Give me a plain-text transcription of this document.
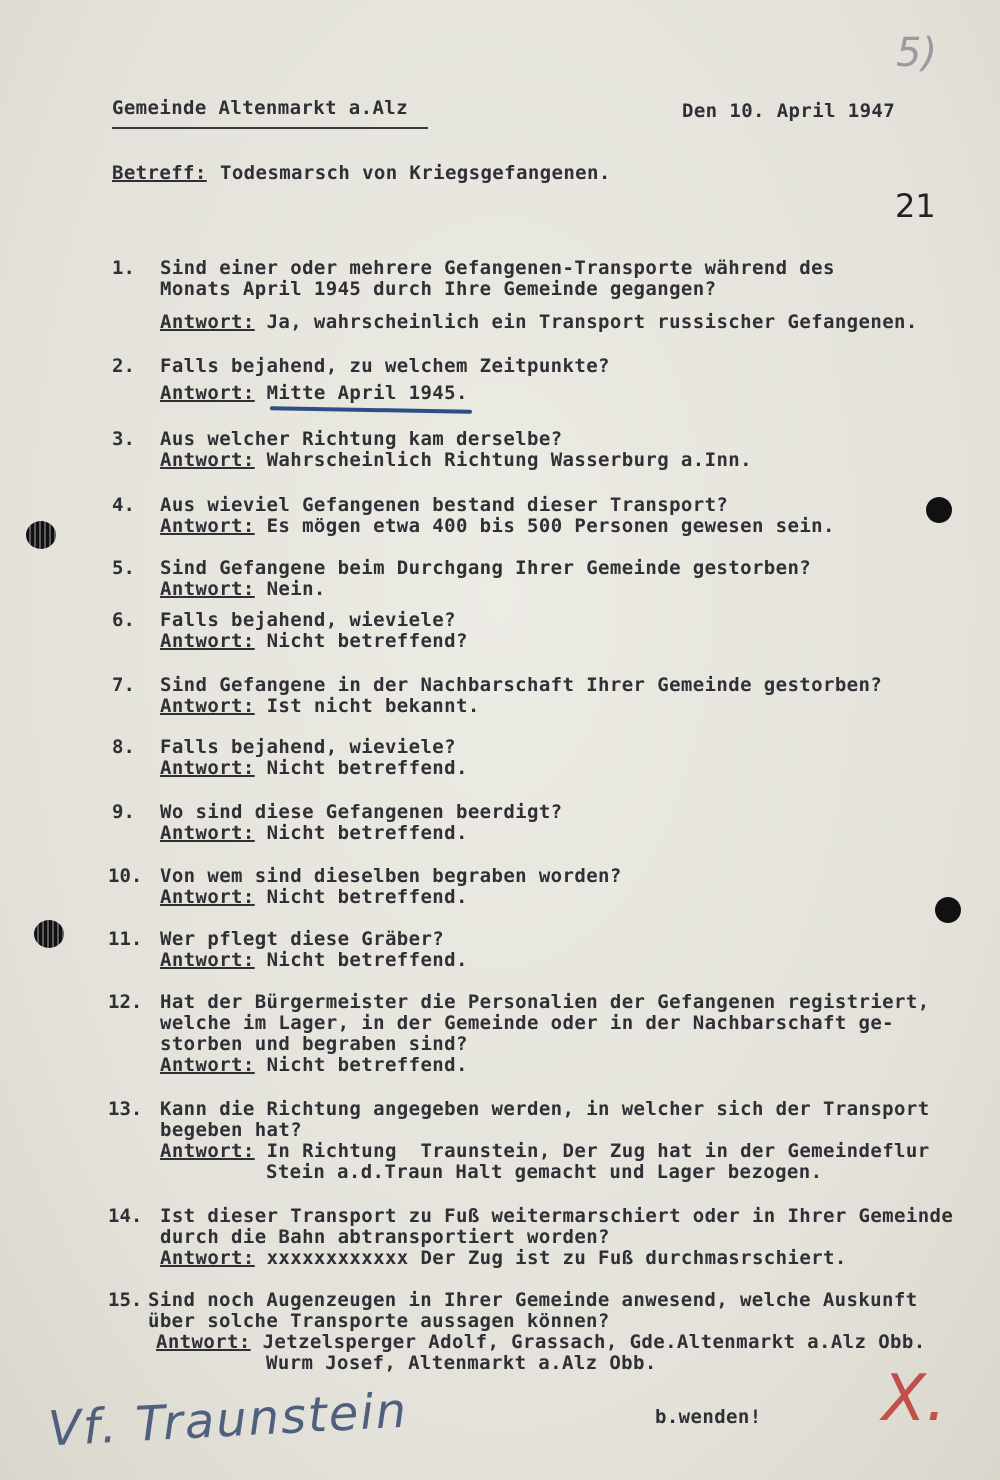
5)
Gemeinde Altenmarkt a.Alz	Den 10. April 1947
Betreff: Todesmarsch von Kriegsgefangenen.
21
1. Sind einer oder mehrere Gefangenen-Transporte während des
Monats April 1945 durch Ihre Gemeinde gegangen?
Antwort: Ja, wahrscheinlich ein Transport russischer Gefangenen.
2. Falls bejahend, zu welchem Zeitpunkte?
Antwort: Mitte April 1945.
3. Aus welcher Richtung kam derselbe?
Antwort: Wahrscheinlich Richtung Wasserburg a.Inn.
4. Aus wieviel Gefangenen bestand dieser Transport?
Antwort: Es mögen etwa 400 bis 500 Personen gewesen sein.
5. Sind Gefangene beim Durchgang Ihrer Gemeinde gestorben?
Antwort: Nein.
6. Falls bejahend, wieviele?
Antwort: Nicht betreffend?
7. Sind Gefangene in der Nachbarschaft Ihrer Gemeinde gestorben?
Antwort: Ist nicht bekannt.
8. Falls bejahend, wieviele?
Antwort: Nicht betreffend.
9. Wo sind diese Gefangenen beerdigt?
Antwort: Nicht betreffend.
10. Von wem sind dieselben begraben worden?
Antwort: Nicht betreffend.
11. Wer pflegt diese Gräber?
Antwort: Nicht betreffend.
12. Hat der Bürgermeister die Personalien der Gefangenen registriert,
welche im Lager, in der Gemeinde oder in der Nachbarschaft ge-
storben und begraben sind?
Antwort: Nicht betreffend.
13. Kann die Richtung angegeben werden, in welcher sich der Transport
begeben hat?
Antwort: In Richtung  Traunstein, Der Zug hat in der Gemeindeflur
Stein a.d.Traun Halt gemacht und Lager bezogen.
14. Ist dieser Transport zu Fuß weitermarschiert oder in Ihrer Gemeinde
durch die Bahn abtransportiert worden?
Antwort: xxxxxxxxxxxx Der Zug ist zu Fuß durchmasrschiert.
15. Sind noch Augenzeugen in Ihrer Gemeinde anwesend, welche Auskunft
über solche Transporte aussagen können?
Antwort: Jetzelsperger Adolf, Grassach, Gde.Altenmarkt a.Alz Obb.
Wurm Josef, Altenmarkt a.Alz Obb.
b.wenden!
Vf. Traunstein	X.
